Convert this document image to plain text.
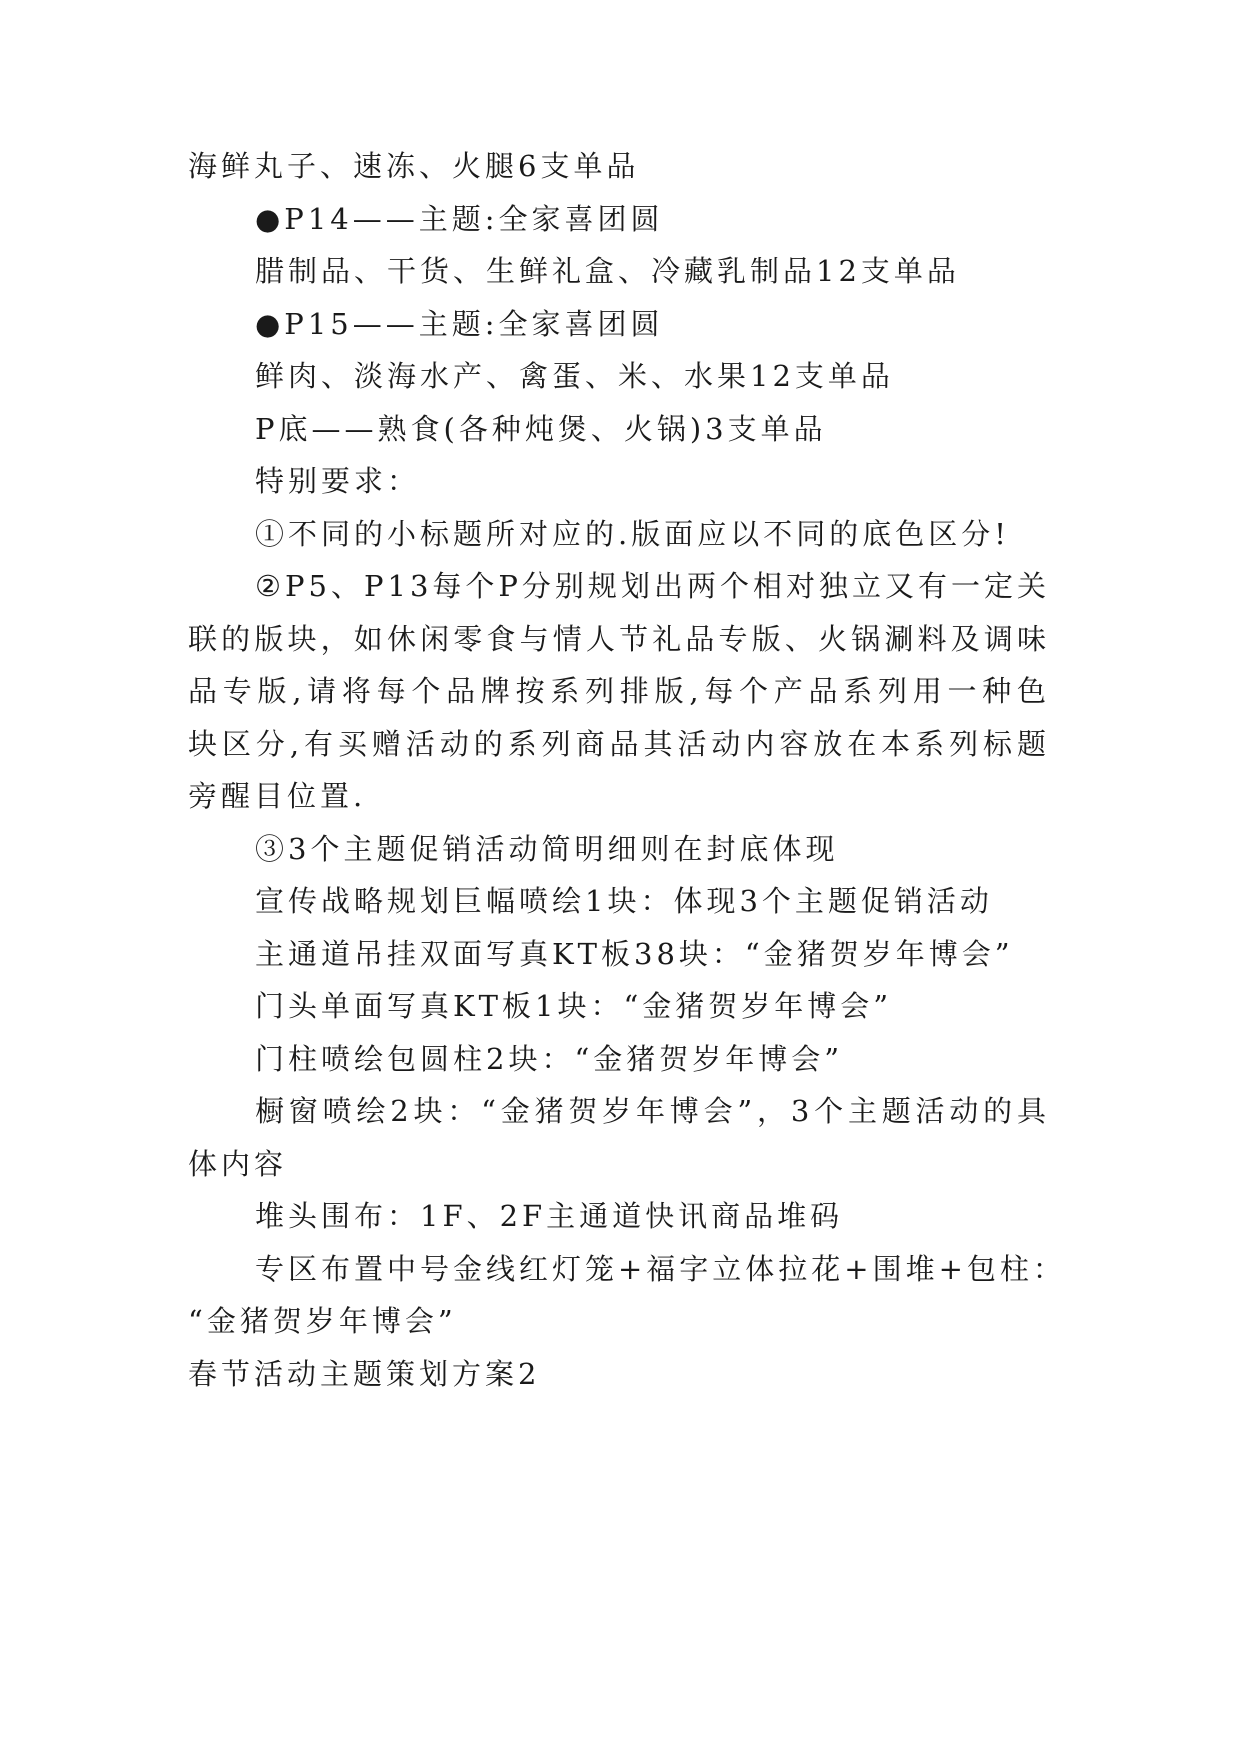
海鲜丸子、速冻、火腿6支单品
●P14——主题:全家喜团圆
腊制品、干货、生鲜礼盒、冷藏乳制品12支单品
●P15——主题:全家喜团圆
鲜肉、淡海水产、禽蛋、米、水果12支单品
P底——熟食(各种炖煲、火锅)3支单品
特别要求：
①不同的小标题所对应的.版面应以不同的底色区分!
②P5、P13每个P分别规划出两个相对独立又有一定关
联的版块，如休闲零食与情人节礼品专版、火锅涮料及调味
品专版,请将每个品牌按系列排版,每个产品系列用一种色
块区分,有买赠活动的系列商品其活动内容放在本系列标题
旁醒目位置.
③3个主题促销活动简明细则在封底体现
宣传战略规划巨幅喷绘1块：体现3个主题促销活动
主通道吊挂双面写真KT板38块：“金猪贺岁年博会”
门头单面写真KT板1块：“金猪贺岁年博会”
门柱喷绘包圆柱2块：“金猪贺岁年博会”
橱窗喷绘2块：“金猪贺岁年博会”，3个主题活动的具
体内容
堆头围布：1F、2F主通道快讯商品堆码
专区布置中号金线红灯笼+福字立体拉花+围堆+包柱：
“金猪贺岁年博会”
春节活动主题策划方案2
